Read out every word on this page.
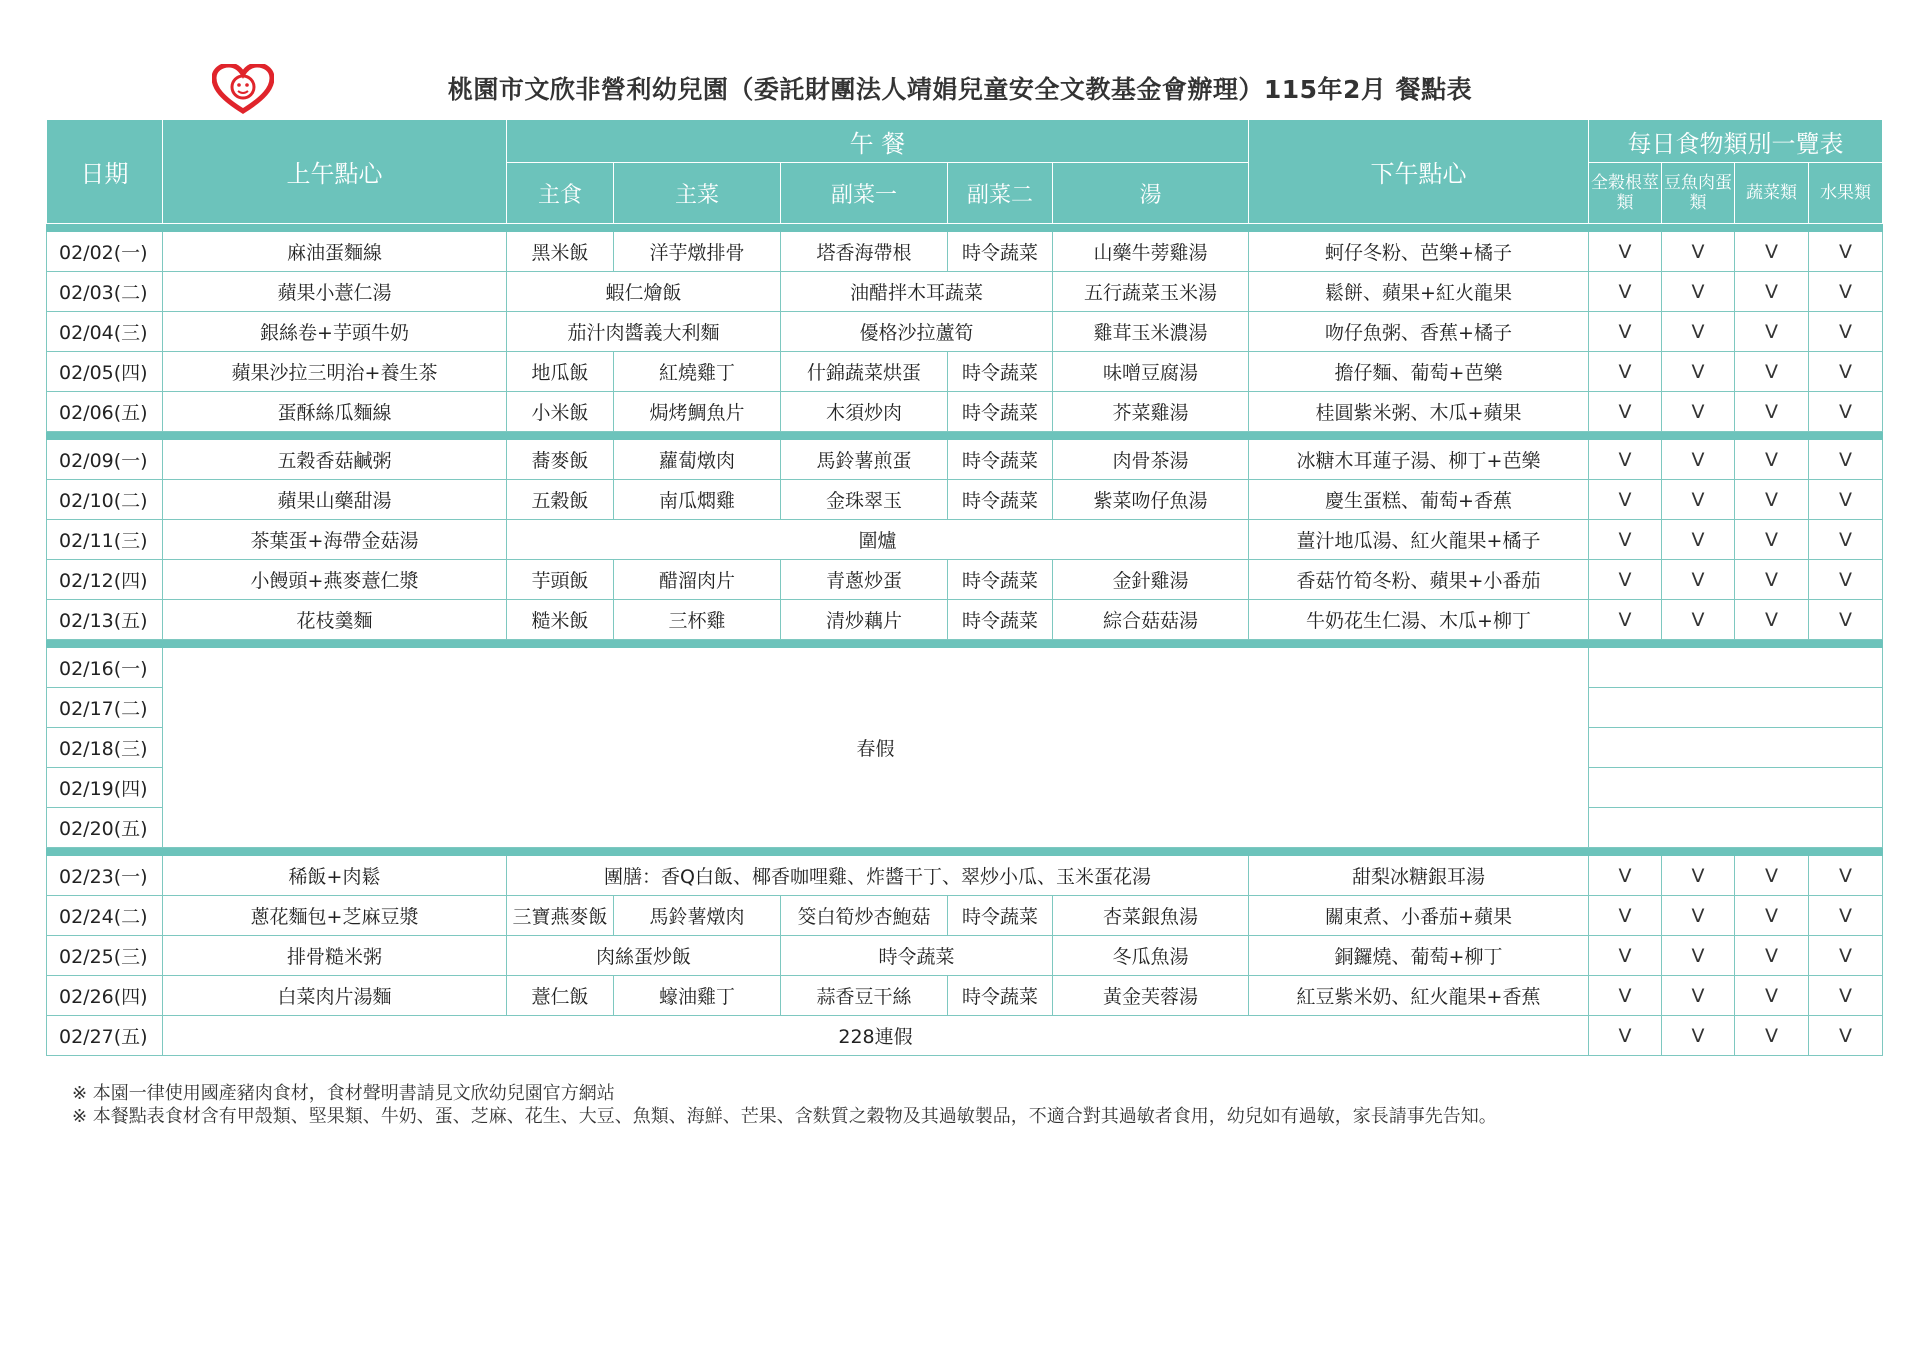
桃園市文欣非營利幼兒園（委託財團法人靖娟兒童安全文教基金會辦理）115年2月 餐點表
日期	上午點心	午 餐					下午點心	每日食物類別一覽表			
		主食	主菜	副菜一	副菜二	湯		全穀根莖類	豆魚肉蛋類	蔬菜類	水果類

02/02(一)	麻油蛋麵線	黑米飯	洋芋燉排骨	塔香海帶根	時令蔬菜	山藥牛蒡雞湯	蚵仔冬粉、芭樂+橘子	V	V	V	V
02/03(二)	蘋果小薏仁湯	蝦仁燴飯		油醋拌木耳蔬菜		五行蔬菜玉米湯	鬆餅、蘋果+紅火龍果	V	V	V	V
02/04(三)	銀絲卷+芋頭牛奶	茄汁肉醬義大利麵		優格沙拉蘆筍		雞茸玉米濃湯	吻仔魚粥、香蕉+橘子	V	V	V	V
02/05(四)	蘋果沙拉三明治+養生茶	地瓜飯	紅燒雞丁	什錦蔬菜烘蛋	時令蔬菜	味噌豆腐湯	擔仔麵、葡萄+芭樂	V	V	V	V
02/06(五)	蛋酥絲瓜麵線	小米飯	焗烤鯛魚片	木須炒肉	時令蔬菜	芥菜雞湯	桂圓紫米粥、木瓜+蘋果	V	V	V	V

02/09(一)	五穀香菇鹹粥	蕎麥飯	蘿蔔燉肉	馬鈴薯煎蛋	時令蔬菜	肉骨茶湯	冰糖木耳蓮子湯、柳丁+芭樂	V	V	V	V
02/10(二)	蘋果山藥甜湯	五穀飯	南瓜燜雞	金珠翠玉	時令蔬菜	紫菜吻仔魚湯	慶生蛋糕、葡萄+香蕉	V	V	V	V
02/11(三)	茶葉蛋+海帶金菇湯	圍爐					薑汁地瓜湯、紅火龍果+橘子	V	V	V	V
02/12(四)	小饅頭+燕麥薏仁漿	芋頭飯	醋溜肉片	青蔥炒蛋	時令蔬菜	金針雞湯	香菇竹筍冬粉、蘋果+小番茄	V	V	V	V
02/13(五)	花枝羹麵	糙米飯	三杯雞	清炒藕片	時令蔬菜	綜合菇菇湯	牛奶花生仁湯、木瓜+柳丁	V	V	V	V

02/16(一)	春假										
02/17(二)											
02/18(三)											
02/19(四)											
02/20(五)											

02/23(一)	稀飯+肉鬆	團膳：香Q白飯、椰香咖哩雞、炸醬干丁、翠炒小瓜、玉米蛋花湯					甜梨冰糖銀耳湯	V	V	V	V
02/24(二)	蔥花麵包+芝麻豆漿	三寶燕麥飯	馬鈴薯燉肉	筊白筍炒杏鮑菇	時令蔬菜	杏菜銀魚湯	關東煮、小番茄+蘋果	V	V	V	V
02/25(三)	排骨糙米粥	肉絲蛋炒飯		時令蔬菜		冬瓜魚湯	銅鑼燒、葡萄+柳丁	V	V	V	V
02/26(四)	白菜肉片湯麵	薏仁飯	蠔油雞丁	蒜香豆干絲	時令蔬菜	黃金芙蓉湯	紅豆紫米奶、紅火龍果+香蕉	V	V	V	V
02/27(五)	228連假							V	V	V	V
※ 本園一律使用國產豬肉食材，食材聲明書請見文欣幼兒園官方網站
※ 本餐點表食材含有甲殼類、堅果類、牛奶、蛋、芝麻、花生、大豆、魚類、海鮮、芒果、含麩質之穀物及其過敏製品，不適合對其過敏者食用，幼兒如有過敏，家長請事先告知。
